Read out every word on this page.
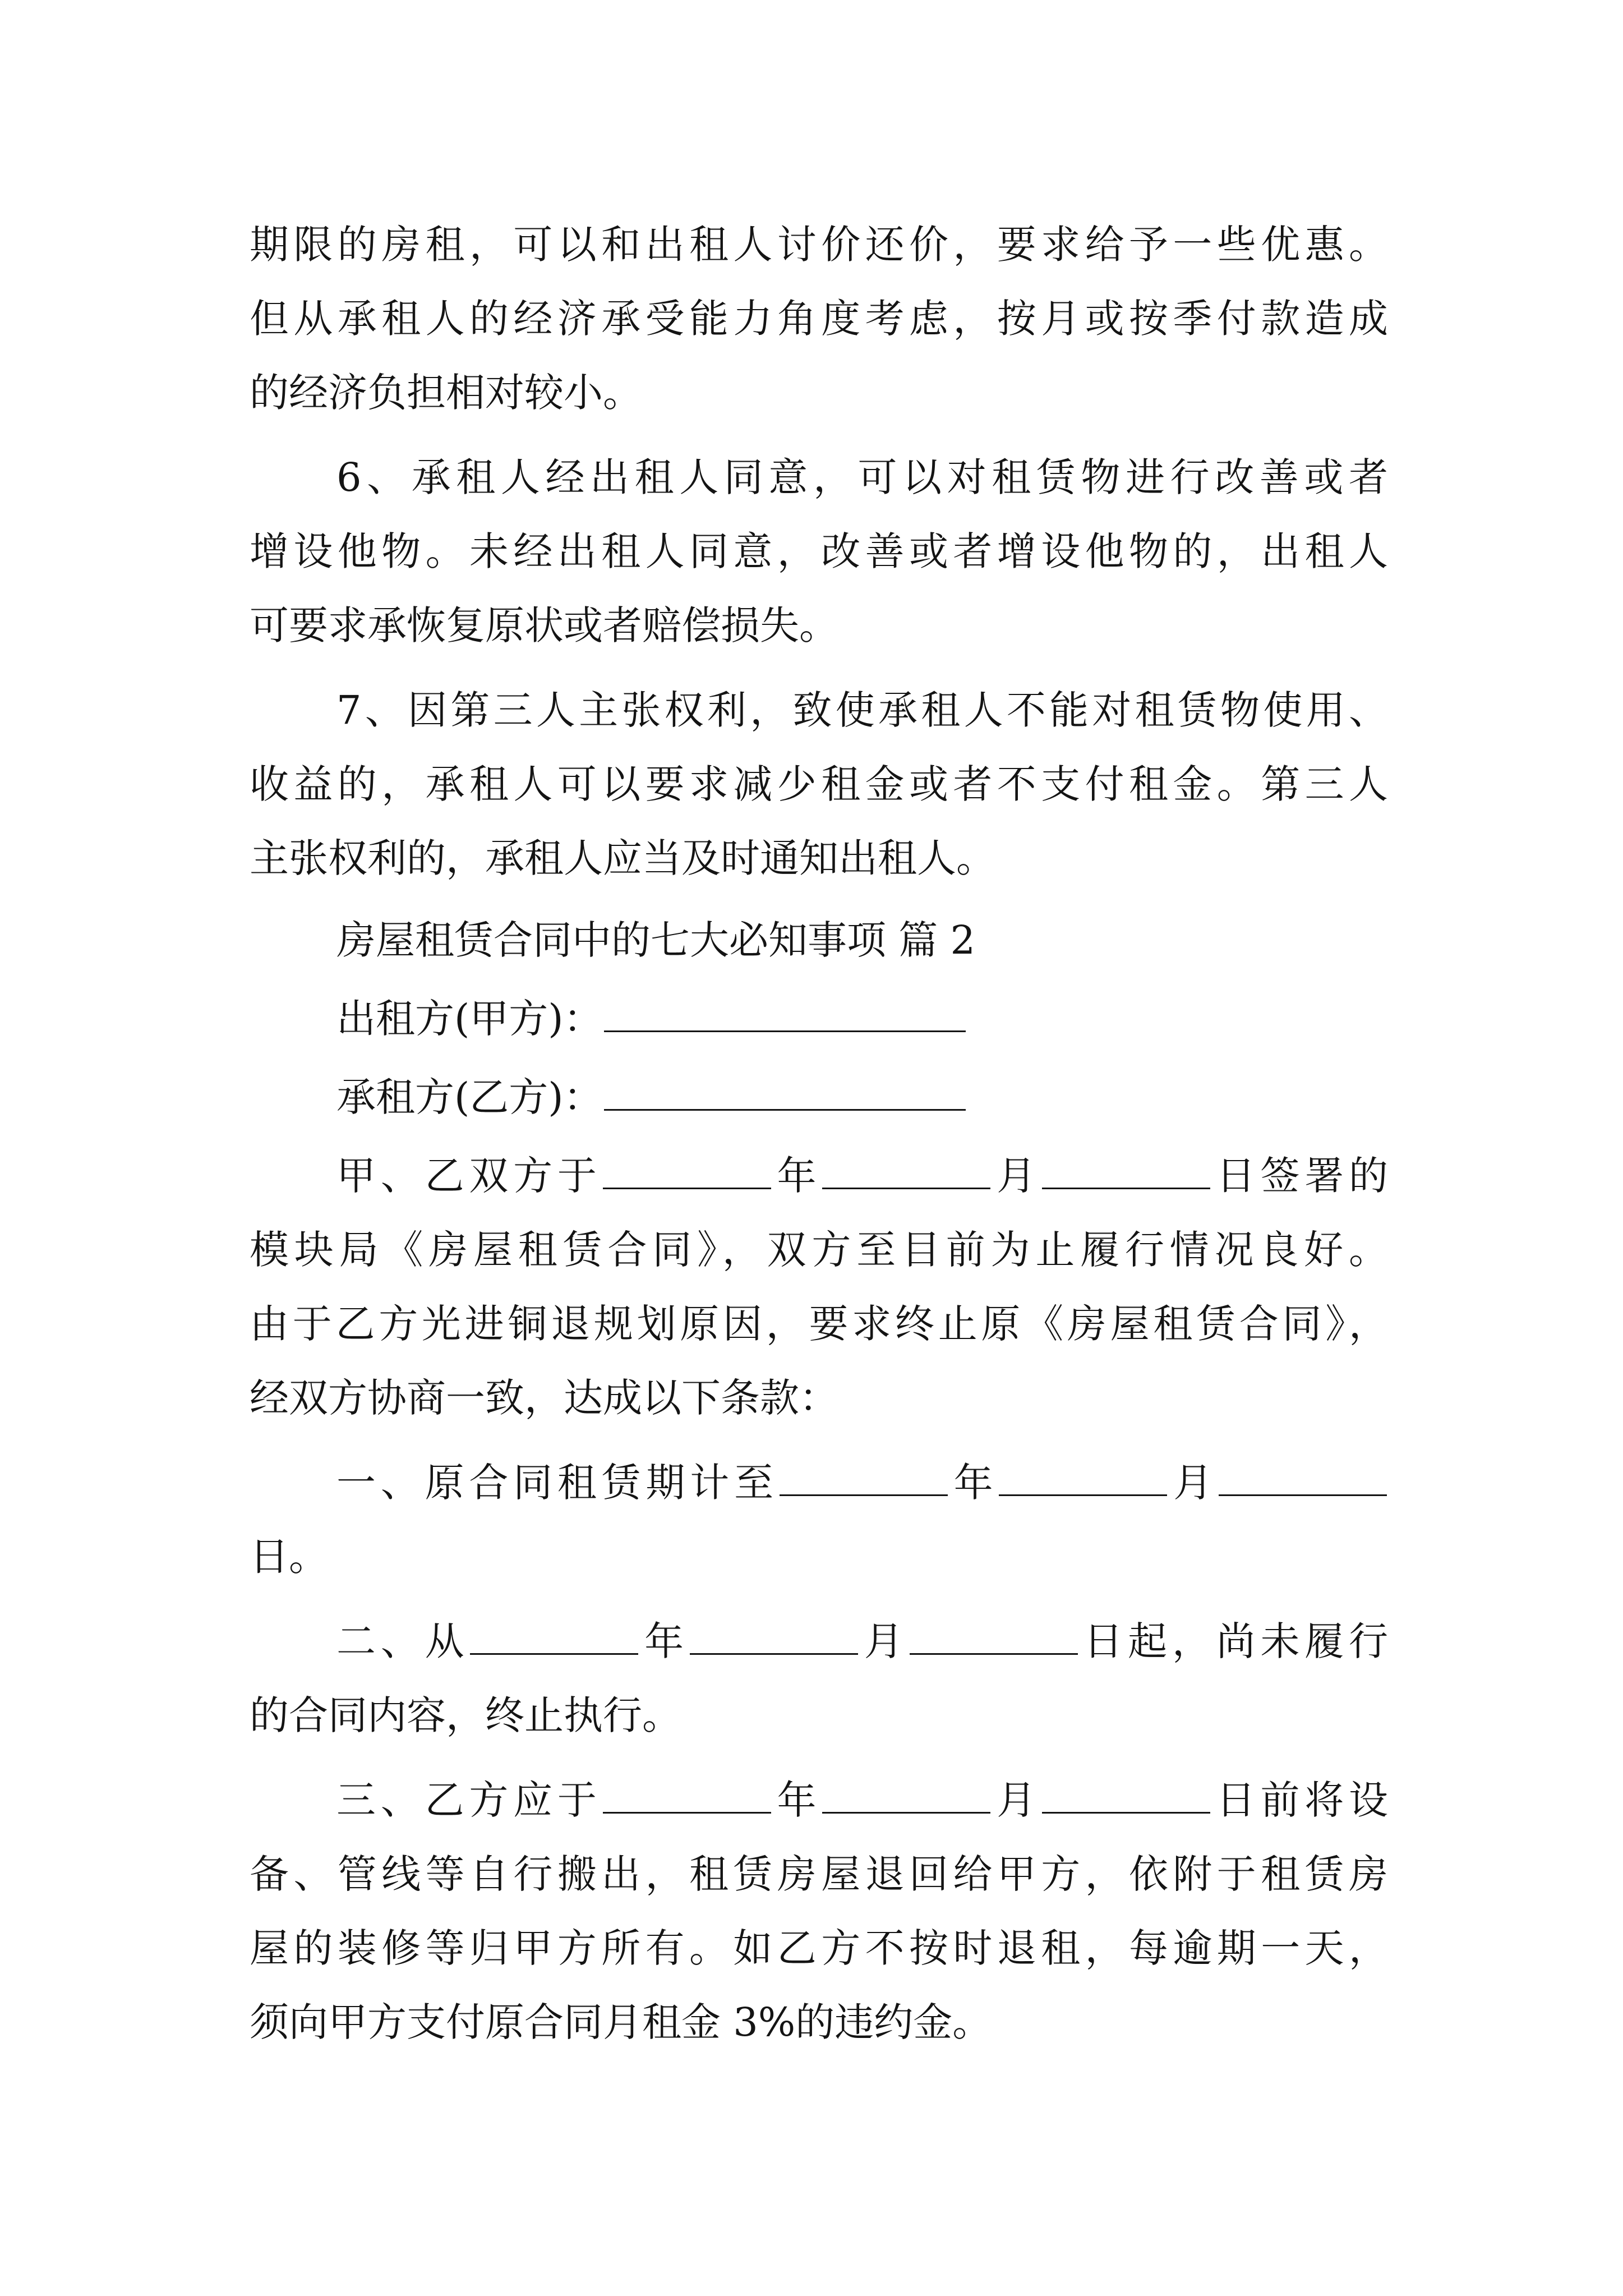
期限的房租，可以和出租人讨价还价，要求给予一些优惠。
但从承租人的经济承受能力角度考虑，按月或按季付款造成
的经济负担相对较小。
6、承租人经出租人同意，可以对租赁物进行改善或者
增设他物。未经出租人同意，改善或者增设他物的，出租人
可要求承恢复原状或者赔偿损失。
7、因第三人主张权利，致使承租人不能对租赁物使用、
收益的，承租人可以要求减少租金或者不支付租金。第三人
主张权利的，承租人应当及时通知出租人。
房屋租赁合同中的七大必知事项 篇 2
出租方(甲方)：
承租方(乙方)：
甲、乙双方于	年	月	日签署的
模块局《房屋租赁合同》，双方至目前为止履行情况良好。
由于乙方光进铜退规划原因，要求终止原《房屋租赁合同》，
经双方协商一致，达成以下条款：
一、原合同租赁期计至	年	月
日。
二、从	年	月	日起，尚未履行
的合同内容，终止执行。
三、乙方应于	年	月	日前将设
备、管线等自行搬出，租赁房屋退回给甲方，依附于租赁房
屋的装修等归甲方所有。如乙方不按时退租，每逾期一天，
须向甲方支付原合同月租金 3%的违约金。
